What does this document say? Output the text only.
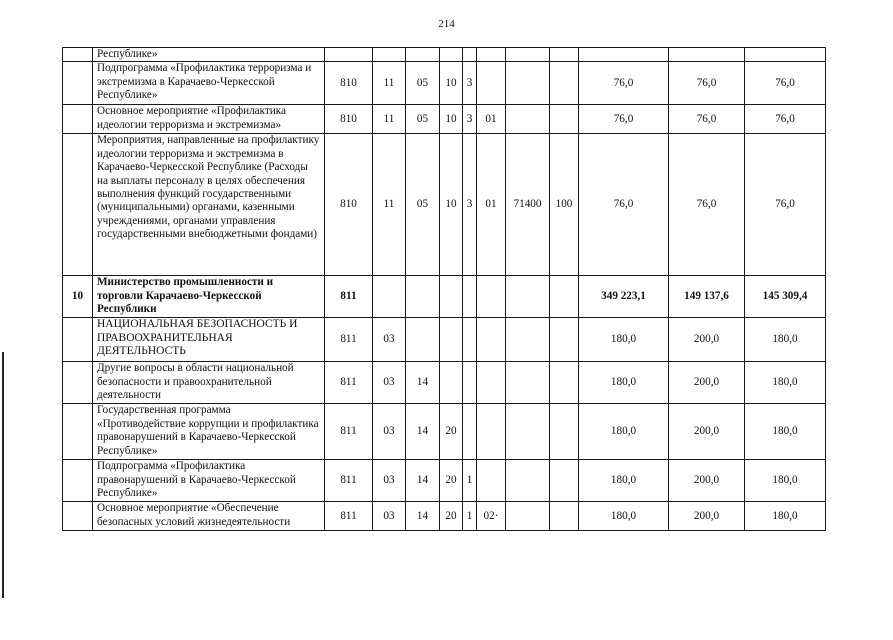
214
	Республике»											
	Подпрограмма «Профилактика терроризма и экстремизма в Карачаево-Черкесской Республике»	810	11	05	10	3				76,0	76,0	76,0
	Основное мероприятие «Профилактика идеологии терроризма и экстремизма»	810	11	05	10	3	01			76,0	76,0	76,0
	Мероприятия, направленные на профилактику идеологии терроризма и экстремизма в Карачаево-Черкесской Республике (Расходы на выплаты персоналу в целях обеспечения выполнения функций государственными (муниципальными) органами, казенными учреждениями, органами управления государственными внебюджетными фондами)	810	11	05	10	3	01	71400	100	76,0	76,0	76,0
10	Министерство промышленности и торговли Карачаево-Черкесской Республики	811								349 223,1	149 137,6	145 309,4
	НАЦИОНАЛЬНАЯ БЕЗОПАСНОСТЬ И ПРАВООХРАНИТЕЛЬНАЯ ДЕЯТЕЛЬНОСТЬ	811	03							180,0	200,0	180,0
	Другие вопросы в области национальной безопасности и правоохранительной деятельности	811	03	14						180,0	200,0	180,0
	Государственная программа «Противодействие коррупции и профилактика правонарушений в Карачаево-Черкесской Республике»	811	03	14	20					180,0	200,0	180,0
	Подпрограмма «Профилактика правонарушений в Карачаево-Черкесской Республике»	811	03	14	20	1				180,0	200,0	180,0
	Основное мероприятие «Обеспечение безопасных условий жизнедеятельности	811	03	14	20	1	02·			180,0	200,0	180,0
